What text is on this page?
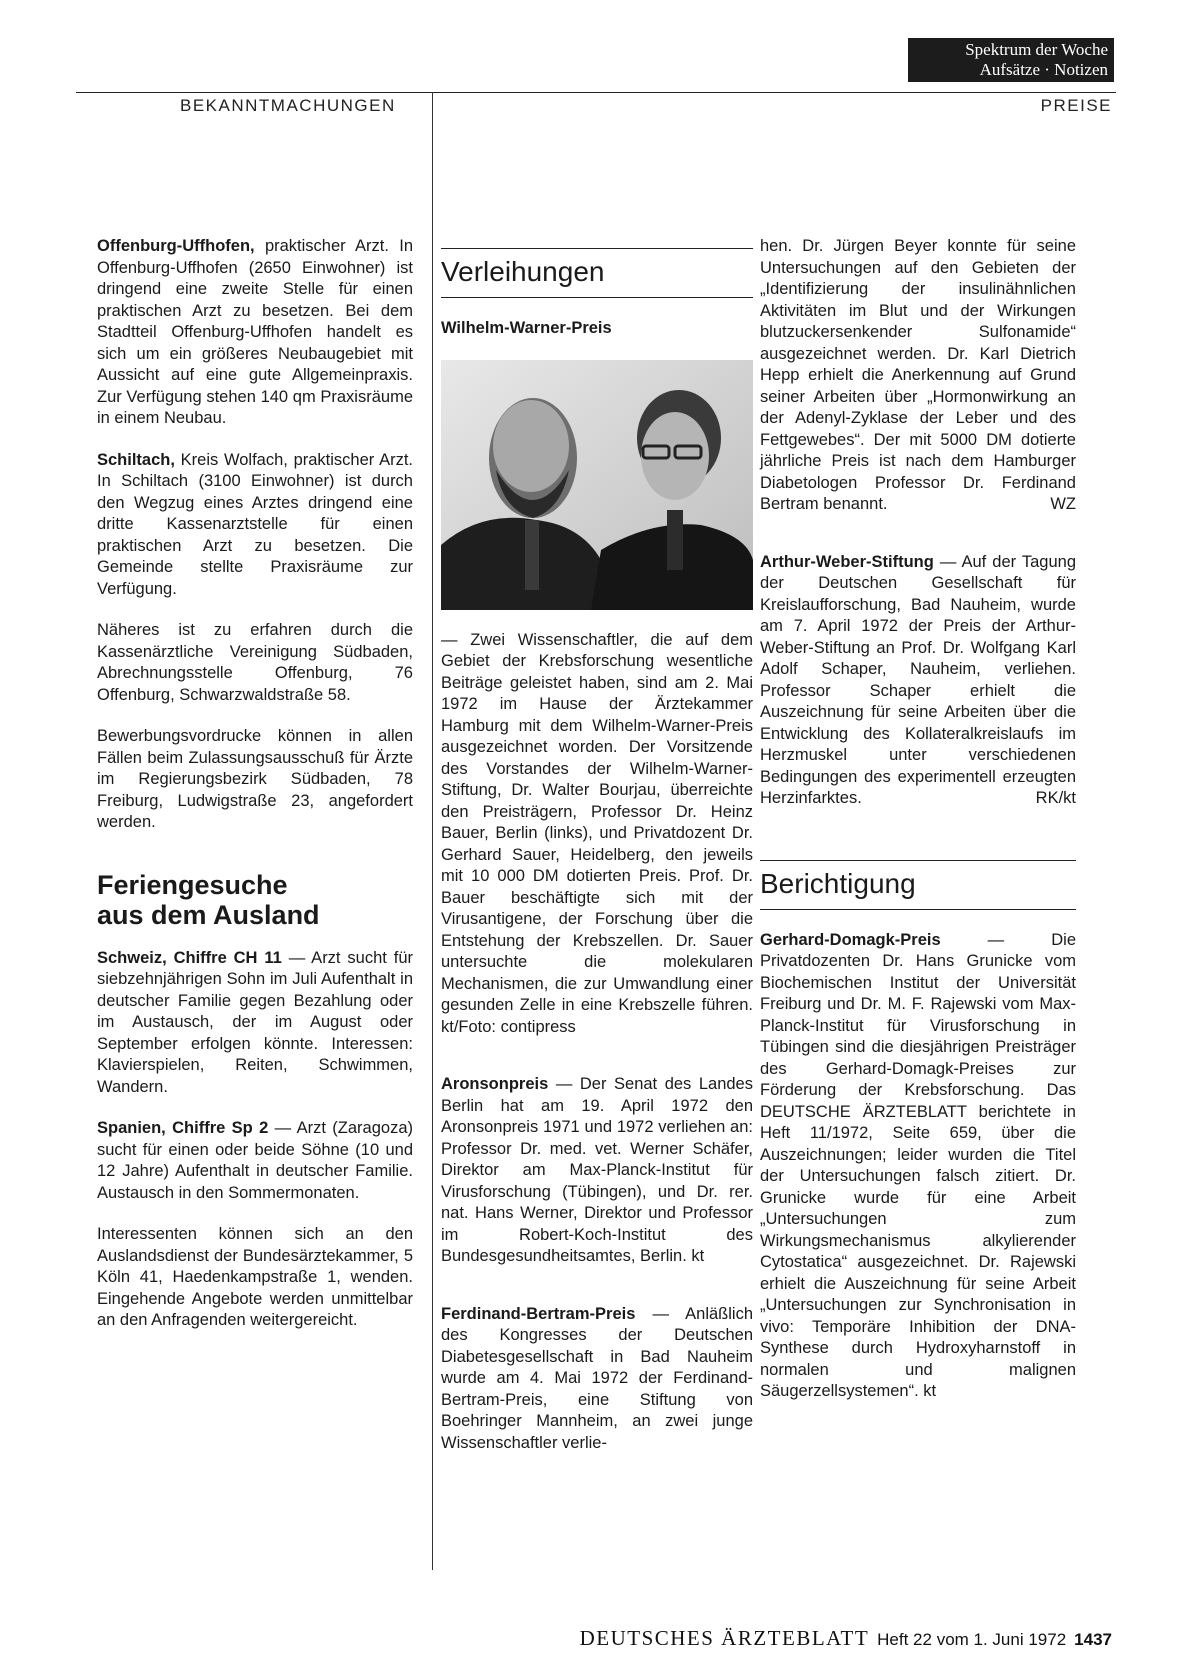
Spektrum der Woche
Aufsätze · Notizen
BEKANNTMACHUNGEN	PREISE

Offenburg-Uffhofen, praktischer Arzt. In Offenburg-Uffhofen (2650 Einwohner) ist dringend eine zweite Stelle für einen praktischen Arzt zu besetzen. Bei dem Stadtteil Offenburg-Uffhofen handelt es sich um ein größeres Neubaugebiet mit Aussicht auf eine gute Allgemeinpraxis. Zur Verfügung stehen 140 qm Praxisräume in einem Neubau.

Schiltach, Kreis Wolfach, praktischer Arzt. In Schiltach (3100 Einwohner) ist durch den Wegzug eines Arztes dringend eine dritte Kassenarztstelle für einen praktischen Arzt zu besetzen. Die Gemeinde stellte Praxisräume zur Verfügung.

Näheres ist zu erfahren durch die Kassenärztliche Vereinigung Südbaden, Abrechnungsstelle Offenburg, 76 Offenburg, Schwarzwaldstraße 58.

Bewerbungsvordrucke können in allen Fällen beim Zulassungsausschuß für Ärzte im Regierungsbezirk Südbaden, 78 Freiburg, Ludwigstraße 23, angefordert werden.

Feriengesuche
aus dem Ausland

Schweiz, Chiffre CH 11 — Arzt sucht für siebzehnjährigen Sohn im Juli Aufenthalt in deutscher Familie gegen Bezahlung oder im Austausch, der im August oder September erfolgen könnte. Interessen: Klavierspielen, Reiten, Schwimmen, Wandern.

Spanien, Chiffre Sp 2 — Arzt (Zaragoza) sucht für einen oder beide Söhne (10 und 12 Jahre) Aufenthalt in deutscher Familie. Austausch in den Sommermonaten.

Interessenten können sich an den Auslandsdienst der Bundesärztekammer, 5 Köln 41, Haedenkampstraße 1, wenden. Eingehende Angebote werden unmittelbar an den Anfragenden weitergereicht.

Verleihungen

Wilhelm-Warner-Preis

— Zwei Wissenschaftler, die auf dem Gebiet der Krebsforschung wesentliche Beiträge geleistet haben, sind am 2. Mai 1972 im Hause der Ärztekammer Hamburg mit dem Wilhelm-Warner-Preis ausgezeichnet worden. Der Vorsitzende des Vorstandes der Wilhelm-Warner-Stiftung, Dr. Walter Bourjau, überreichte den Preisträgern, Professor Dr. Heinz Bauer, Berlin (links), und Privatdozent Dr. Gerhard Sauer, Heidelberg, den jeweils mit 10 000 DM dotierten Preis. Prof. Dr. Bauer beschäftigte sich mit der Virusantigene, der Forschung über die Entstehung der Krebszellen. Dr. Sauer untersuchte die molekularen Mechanismen, die zur Umwandlung einer gesunden Zelle in eine Krebszelle führen. kt/Foto: contipress

Aronsonpreis — Der Senat des Landes Berlin hat am 19. April 1972 den Aronsonpreis 1971 und 1972 verliehen an: Professor Dr. med. vet. Werner Schäfer, Direktor am Max-Planck-Institut für Virusforschung (Tübingen), und Dr. rer. nat. Hans Werner, Direktor und Professor im Robert-Koch-Institut des Bundesgesundheitsamtes, Berlin. kt

Ferdinand-Bertram-Preis — Anläßlich des Kongresses der Deutschen Diabetesgesellschaft in Bad Nauheim wurde am 4. Mai 1972 der Ferdinand-Bertram-Preis, eine Stiftung von Boehringer Mannheim, an zwei junge Wissenschaftler verlie-

hen. Dr. Jürgen Beyer konnte für seine Untersuchungen auf den Gebieten der „Identifizierung der insulinähnlichen Aktivitäten im Blut und der Wirkungen blutzuckersenkender Sulfonamide“ ausgezeichnet werden. Dr. Karl Dietrich Hepp erhielt die Anerkennung auf Grund seiner Arbeiten über „Hormonwirkung an der Adenyl-Zyklase der Leber und des Fettgewebes“. Der mit 5000 DM dotierte jährliche Preis ist nach dem Hamburger Diabetologen Professor Dr. Ferdinand Bertram benannt.	WZ

Arthur-Weber-Stiftung — Auf der Tagung der Deutschen Gesellschaft für Kreislaufforschung, Bad Nauheim, wurde am 7. April 1972 der Preis der Arthur-Weber-Stiftung an Prof. Dr. Wolfgang Karl Adolf Schaper, Nauheim, verliehen. Professor Schaper erhielt die Auszeichnung für seine Arbeiten über die Entwicklung des Kollateralkreislaufs im Herzmuskel unter verschiedenen Bedingungen des experimentell erzeugten Herzinfarktes.	RK/kt

Berichtigung

Gerhard-Domagk-Preis — Die Privatdozenten Dr. Hans Grunicke vom Biochemischen Institut der Universität Freiburg und Dr. M. F. Rajewski vom Max-Planck-Institut für Virusforschung in Tübingen sind die diesjährigen Preisträger des Gerhard-Domagk-Preises zur Förderung der Krebsforschung. Das DEUTSCHE ÄRZTEBLATT berichtete in Heft 11/1972, Seite 659, über die Auszeichnungen; leider wurden die Titel der Untersuchungen falsch zitiert. Dr. Grunicke wurde für eine Arbeit „Untersuchungen zum Wirkungsmechanismus alkylierender Cytostatica“ ausgezeichnet. Dr. Rajewski erhielt die Auszeichnung für seine Arbeit „Untersuchungen zur Synchronisation in vivo: Temporäre Inhibition der DNA-Synthese durch Hydroxyharnstoff in normalen und malignen Säugerzellsystemen“. kt

DEUTSCHES ÄRZTEBLATT Heft 22 vom 1. Juni 1972 1437
